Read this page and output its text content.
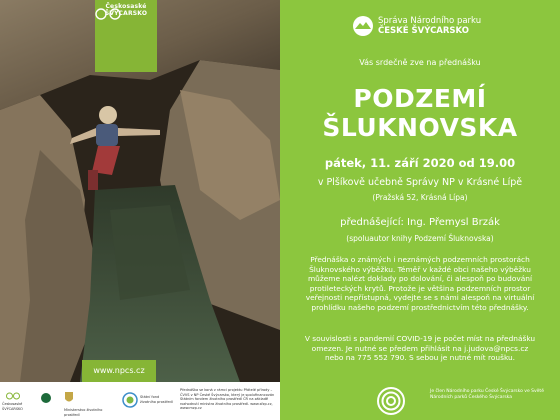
Českosaské
ŠVÝCARSKO
www.npcs.cz
Správa Národního parku
ČESKÉ ŠVÝCARSKO
Vás srdečně zve na přednášku
PODZEMÍ
ŠLUKNOVSKA
pátek, 11. září 2020 od 19.00
v Plšíkově učebně Správy NP v Krásné Lípě
(Pražská 52, Krásná Lípa)
přednášející: Ing. Přemysl Brzák
(spoluautor knihy Podzemí Šluknovska)
Přednáška o známých i neznámých podzemních prostorách Šluknovského výběžku. Téměř v každé obci našeho výběžku můžeme nalézt doklady po dolování, či alespoň po budování protileteckých krytů. Protože je většina podzemních prostor veřejnosti nepřístupná, vydejte se s námi alespoň na virtuální prohlídku našeho podzemí prostřednictvím této přednášky.
V souvislosti s pandemií COVID-19 je počet míst na přednášku omezen. Je nutné se předem přihlásit na j.judova@npcs.cz nebo na 775 552 790. S sebou je nutné mít roušku.
Českosaské ŠVÝCARSKO	Ministerstvo životního prostředí
Státní fond životního prostředí
Přednáška se koná v rámci projektu Přátelé přírody – ČVVS v NP České Švýcarsko, který je spolufinancován Státním fondem životního prostředí ČR na základě rozhodnutí ministra životního prostředí. www.sfzp.cz, www.mzp.cz
Je člen Národního parku České Švýcarsko ve Světě Národních parků Českého Švýcarska
